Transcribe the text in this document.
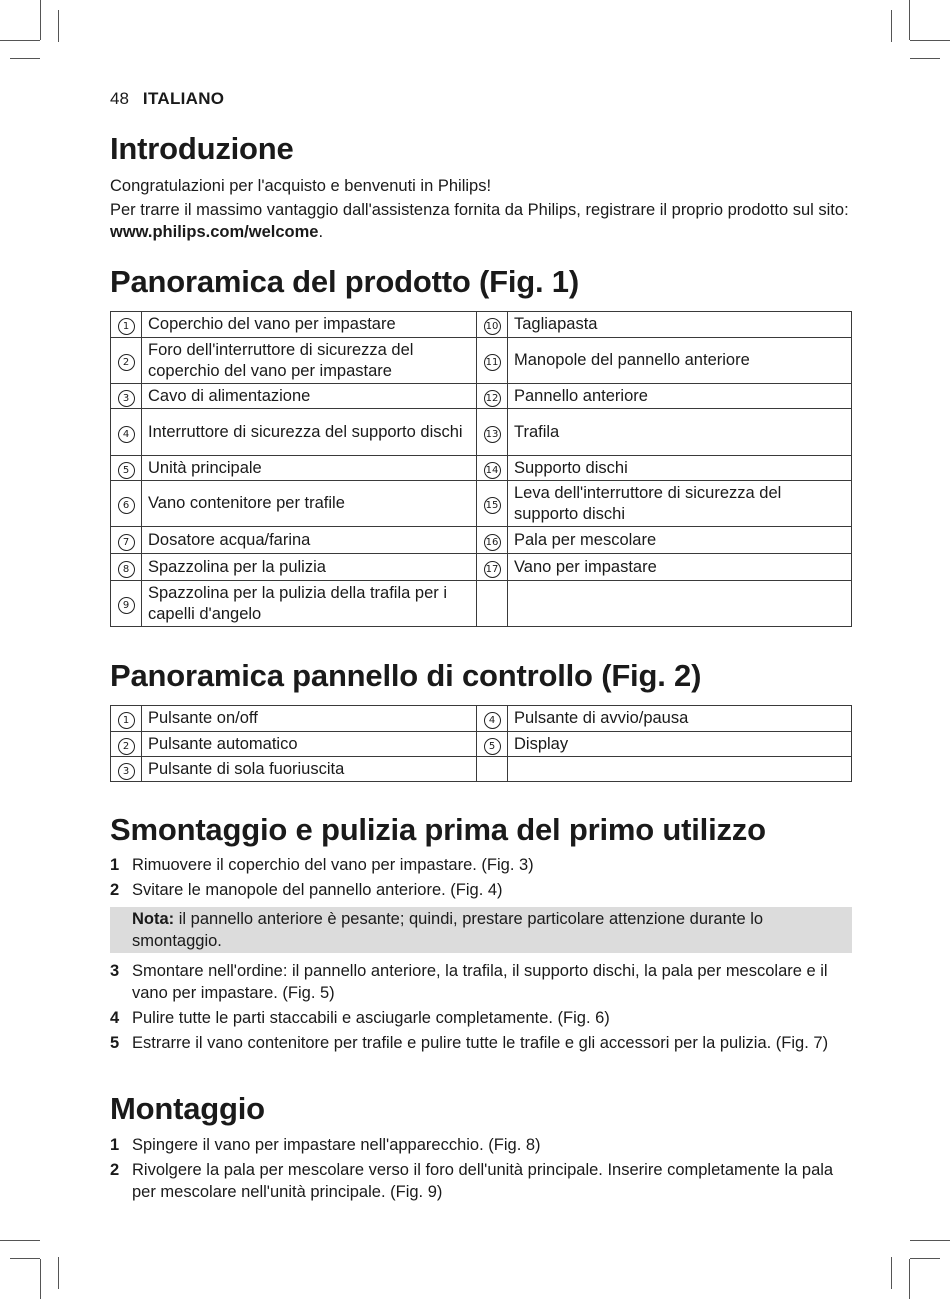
48 ITALIANO
Introduzione

Congratulazioni per l'acquisto e benvenuti in Philips!

Per trarre il massimo vantaggio dall'assistenza fornita da Philips, registrare il proprio prodotto sul sito: www.philips.com/welcome.

Panoramica del prodotto (Fig. 1)
1	Coperchio del vano per impastare	10	Tagliapasta
2	Foro dell'interruttore di sicurezza del coperchio del vano per impastare	11	Manopole del pannello anteriore
3	Cavo di alimentazione	12	Pannello anteriore
4	Interruttore di sicurezza del supporto dischi	13	Trafila
5	Unità principale	14	Supporto dischi
6	Vano contenitore per trafile	15	Leva dell'interruttore di sicurezza del supporto dischi
7	Dosatore acqua/farina	16	Pala per mescolare
8	Spazzolina per la pulizia	17	Vano per impastare
9	Spazzolina per la pulizia della trafila per i capelli d'angelo		
Panoramica pannello di controllo (Fig. 2)
1	Pulsante on/off	4	Pulsante di avvio/pausa
2	Pulsante automatico	5	Display
3	Pulsante di sola fuoriuscita		
Smontaggio e pulizia prima del primo utilizzo
1 Rimuovere il coperchio del vano per impastare. (Fig. 3)
2 Svitare le manopole del pannello anteriore. (Fig. 4)
Nota: il pannello anteriore è pesante; quindi, prestare particolare attenzione durante lo smontaggio.
3 Smontare nell'ordine: il pannello anteriore, la trafila, il supporto dischi, la pala per mescolare e il vano per impastare. (Fig. 5)
4 Pulire tutte le parti staccabili e asciugarle completamente. (Fig. 6)
5 Estrarre il vano contenitore per trafile e pulire tutte le trafile e gli accessori per la pulizia. (Fig. 7)
Montaggio
1 Spingere il vano per impastare nell'apparecchio. (Fig. 8)
2 Rivolgere la pala per mescolare verso il foro dell'unità principale. Inserire completamente la pala per mescolare nell'unità principale. (Fig. 9)
